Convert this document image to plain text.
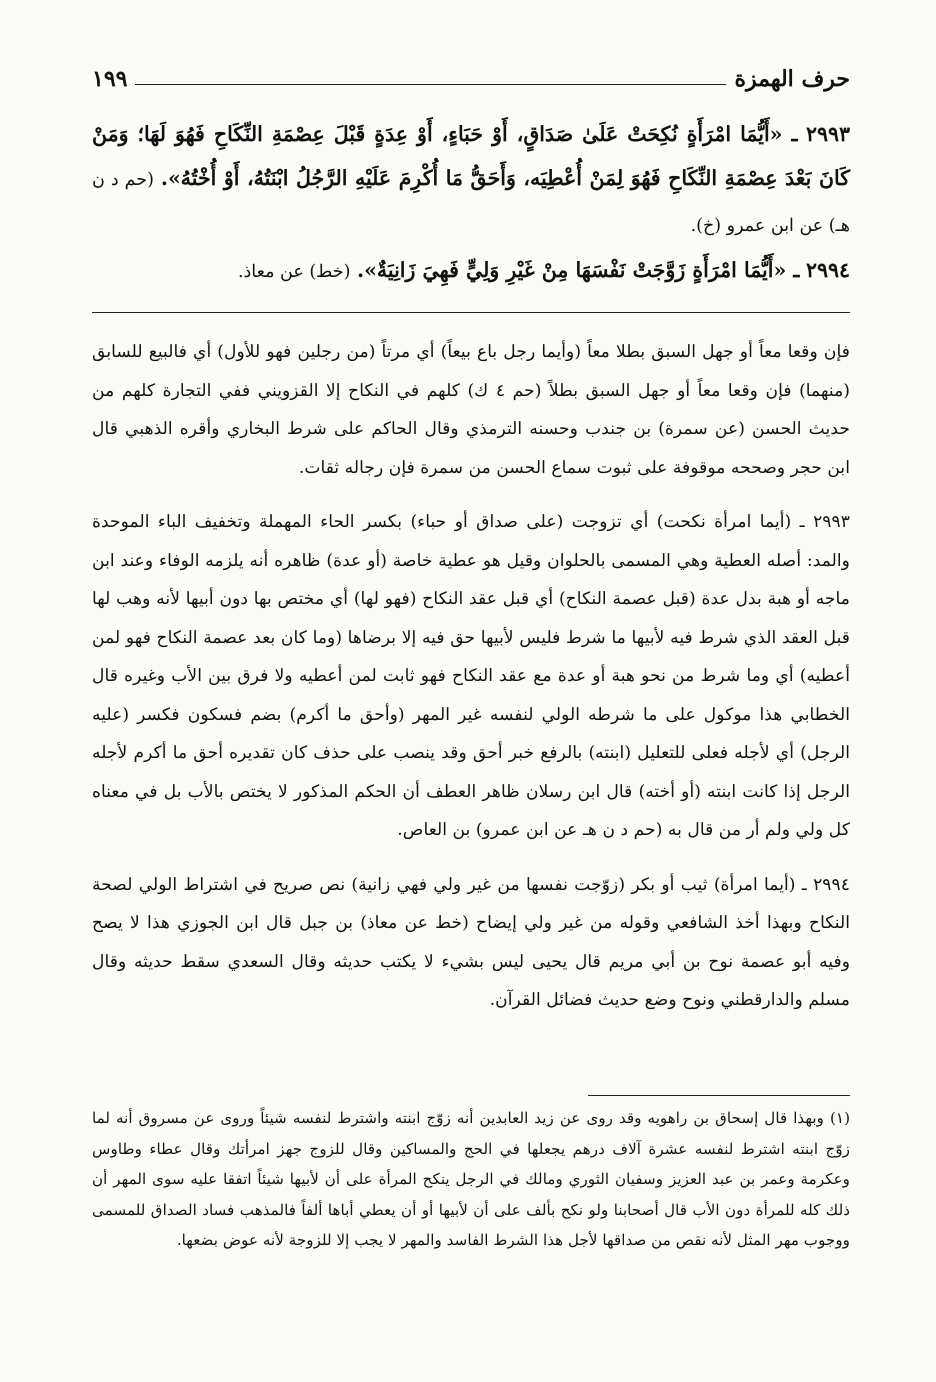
حرف الهمزة
١٩٩

٢٩٩٣ ـ «أَيُّمَا امْرَأَةٍ نُكِحَتْ عَلَىٰ صَدَاقٍ، أَوْ حَبَاءٍ، أَوْ عِدَةٍ قَبْلَ عِصْمَةِ النِّكَاحِ فَهُوَ لَهَا؛ وَمَنْ كَانَ بَعْدَ عِصْمَةِ النِّكَاحِ فَهُوَ لِمَنْ أُعْطِيَه، وَأَحَقُّ مَا أُكْرِمَ عَلَيْهِ الرَّجُلُ ابْنَتُهُ، أَوْ أُخْتُهُ». (حم د ن هـ) عن ابن عمرو (خ).

٢٩٩٤ ـ «أَيُّمَا امْرَأَةٍ زَوَّجَتْ نَفْسَهَا مِنْ غَيْرِ وَلِيٍّ فَهِيَ زَانِيَةٌ». (خط) عن معاذ.

فإن وقعا معاً أو جهل السبق بطلا معاً (وأيما رجل باع بيعاً) أي مرتاً (من رجلين فهو للأول) أي فالبيع للسابق (منهما) فإن وقعا معاً أو جهل السبق بطلاً (حم ٤ ك) كلهم في النكاح إلا القزويني ففي التجارة كلهم من حديث الحسن (عن سمرة) بن جندب وحسنه الترمذي وقال الحاكم على شرط البخاري وأقره الذهبي قال ابن حجر وصححه موقوفة على ثبوت سماع الحسن من سمرة فإن رجاله ثقات.

٢٩٩٣ ـ (أيما امرأة نكحت) أي تزوجت (على صداق أو حباء) بكسر الحاء المهملة وتخفيف الباء الموحدة والمد: أصله العطية وهي المسمى بالحلوان وقيل هو عطية خاصة (أو عدة) ظاهره أنه يلزمه الوفاء وعند ابن ماجه أو هبة بدل عدة (قبل عصمة النكاح) أي قبل عقد النكاح (فهو لها) أي مختص بها دون أبيها لأنه وهب لها قبل العقد الذي شرط فيه لأبيها ما شرط فليس لأبيها حق فيه إلا برضاها (وما كان بعد عصمة النكاح فهو لمن أعطيه) أي وما شرط من نحو هبة أو عدة مع عقد النكاح فهو ثابت لمن أعطيه ولا فرق بين الأب وغيره قال الخطابي هذا موكول على ما شرطه الولي لنفسه غير المهر (وأحق ما أكرم) بضم فسكون فكسر (عليه الرجل) أي لأجله فعلى للتعليل (ابنته) بالرفع خبر أحق وقد ينصب على حذف كان تقديره أحق ما أكرم لأجله الرجل إذا كانت ابنته (أو أخته) قال ابن رسلان ظاهر العطف أن الحكم المذكور لا يختص بالأب بل في معناه كل ولي ولم أر من قال به (حم د ن هـ عن ابن عمرو) بن العاص.

٢٩٩٤ ـ (أيما امرأة) ثيب أو بكر (زوّجت نفسها من غير ولي فهي زانية) نص صريح في اشتراط الولي لصحة النكاح وبهذا أخذ الشافعي وقوله من غير ولي إيضاح (خط عن معاذ) بن جبل قال ابن الجوزي هذا لا يصح وفيه أبو عصمة نوح بن أبي مريم قال يحيى ليس بشيء لا يكتب حديثه وقال السعدي سقط حديثه وقال مسلم والدارقطني ونوح وضع حديث فضائل القرآن.

(١) وبهذا قال إسحاق بن راهويه وقد روى عن زيد العابدين أنه زوّج ابنته واشترط لنفسه شيئاً وروى عن مسروق أنه لما زوّج ابنته اشترط لنفسه عشرة آلاف درهم يجعلها في الحج والمساكين وقال للزوج جهز امرأتك وقال عطاء وطاوس وعكرمة وعمر بن عبد العزيز وسفيان الثوري ومالك في الرجل ينكح المرأة على أن لأبيها شيئاً اتفقا عليه سوى المهر أن ذلك كله للمرأة دون الأب قال أصحابنا ولو نكح بألف على أن لأبيها أو أن يعطي أباها ألفاً فالمذهب فساد الصداق للمسمى ووجوب مهر المثل لأنه نقص من صداقها لأجل هذا الشرط الفاسد والمهر لا يجب إلا للزوجة لأنه عوض بضعها.
